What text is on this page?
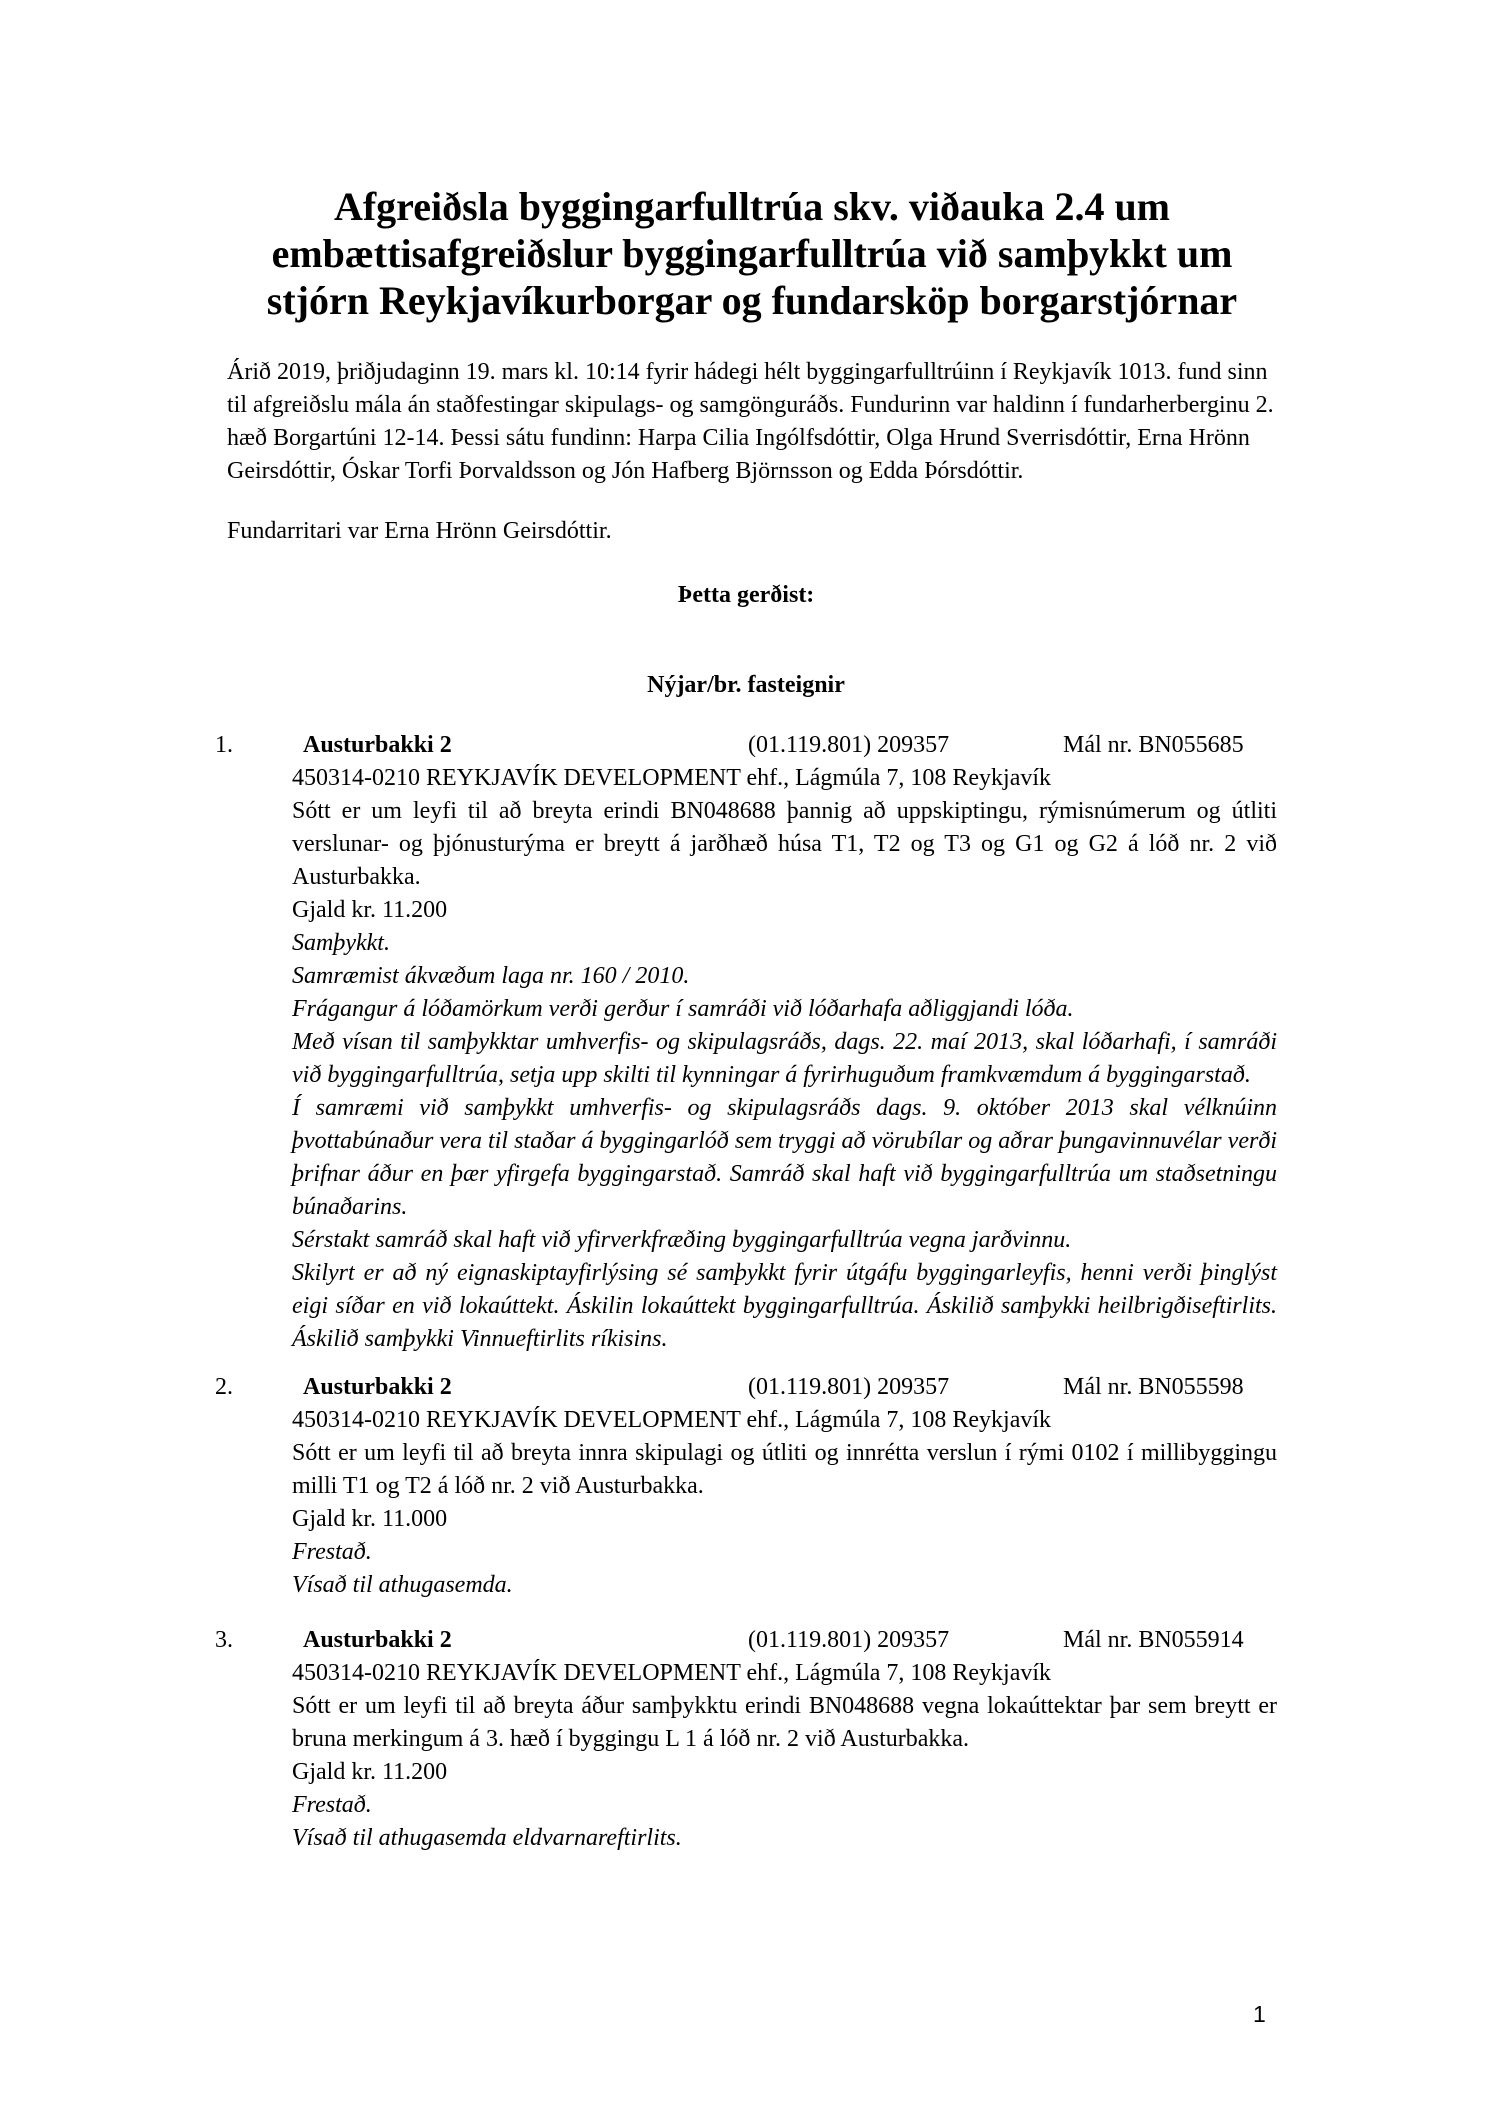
Afgreiðsla byggingarfulltrúa skv. viðauka 2.4 um
embættisafgreiðslur byggingarfulltrúa við samþykkt um
stjórn Reykjavíkurborgar og fundarsköp borgarstjórnar

Árið 2019, þriðjudaginn 19. mars kl. 10:14 fyrir hádegi hélt byggingarfulltrúinn í Reykjavík 1013. fund sinn til afgreiðslu mála án staðfestingar skipulags- og samgönguráðs. Fundurinn var haldinn í fundarherberginu 2. hæð Borgartúni 12-14. Þessi sátu fundinn: Harpa Cilia Ingólfsdóttir, Olga Hrund Sverrisdóttir, Erna Hrönn Geirsdóttir, Óskar Torfi Þorvaldsson og Jón Hafberg Björnsson og Edda Þórsdóttir.

Fundarritari var Erna Hrönn Geirsdóttir.

Þetta gerðist:
Nýjar/br. fasteignir
1.	Austurbakki 2	(01.119.801) 209357	Mál nr. BN055685
450314-0210 REYKJAVÍK DEVELOPMENT ehf., Lágmúla 7, 108 Reykjavík
Sótt er um leyfi til að breyta erindi BN048688 þannig að uppskiptingu, rýmisnúmerum og útliti verslunar- og þjónusturýma er breytt á jarðhæð húsa T1, T2 og T3 og G1 og G2 á lóð nr. 2 við Austurbakka.
Gjald kr. 11.200
Samþykkt.
Samræmist ákvæðum laga nr. 160 / 2010.
Frágangur á lóðamörkum verði gerður í samráði við lóðarhafa aðliggjandi lóða.
Með vísan til samþykktar umhverfis- og skipulagsráðs, dags. 22. maí 2013, skal lóðarhafi, í samráði við byggingarfulltrúa, setja upp skilti til kynningar á fyrirhuguðum framkvæmdum á byggingarstað.
Í samræmi við samþykkt umhverfis- og skipulagsráðs dags. 9. október 2013 skal vélknúinn þvottabúnaður vera til staðar á byggingarlóð sem tryggi að vörubílar og aðrar þungavinnuvélar verði þrifnar áður en þær yfirgefa byggingarstað. Samráð skal haft við byggingarfulltrúa um staðsetningu búnaðarins.
Sérstakt samráð skal haft við yfirverkfræðing byggingarfulltrúa vegna jarðvinnu.
Skilyrt er að ný eignaskiptayfirlýsing sé samþykkt fyrir útgáfu byggingarleyfis, henni verði þinglýst eigi síðar en við lokaúttekt. Áskilin lokaúttekt byggingarfulltrúa. Áskilið samþykki heilbrigðiseftirlits. Áskilið samþykki Vinnueftirlits ríkisins.
2.	Austurbakki 2	(01.119.801) 209357	Mál nr. BN055598
450314-0210 REYKJAVÍK DEVELOPMENT ehf., Lágmúla 7, 108 Reykjavík
Sótt er um leyfi til að breyta innra skipulagi og útliti og innrétta verslun í rými 0102 í millibyggingu milli T1 og T2 á lóð nr. 2 við Austurbakka.
Gjald kr. 11.000
Frestað.
Vísað til athugasemda.
3.	Austurbakki 2	(01.119.801) 209357	Mál nr. BN055914
450314-0210 REYKJAVÍK DEVELOPMENT ehf., Lágmúla 7, 108 Reykjavík
Sótt er um leyfi til að breyta áður samþykktu erindi BN048688 vegna lokaúttektar þar sem breytt er bruna merkingum á 3. hæð í byggingu L 1 á lóð nr. 2 við Austurbakka.
Gjald kr. 11.200
Frestað.
Vísað til athugasemda eldvarnareftirlits.
1
